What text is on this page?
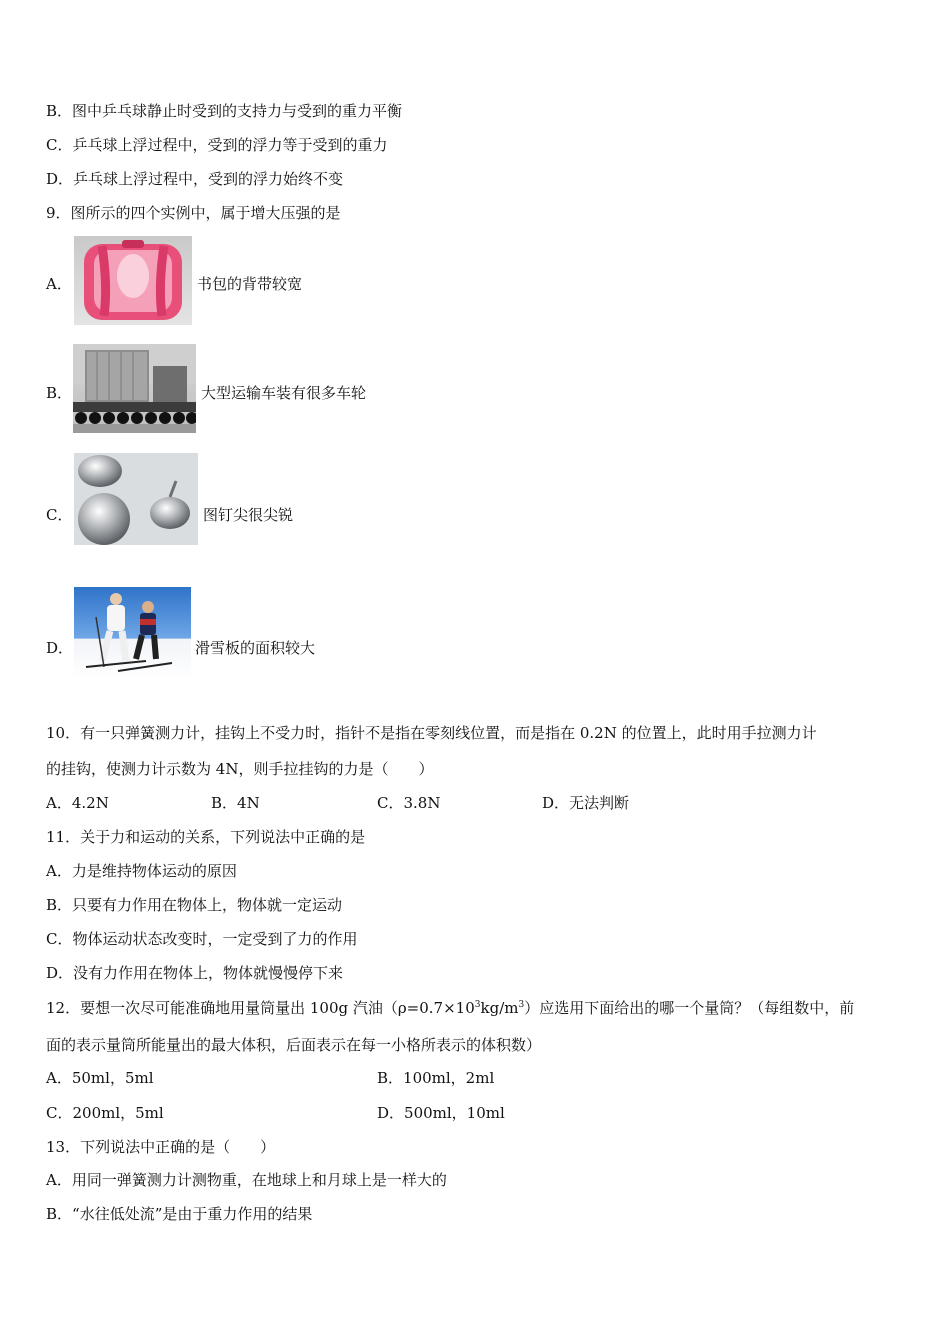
B．图中乒乓球静止时受到的支持力与受到的重力平衡
C．乒乓球上浮过程中，受到的浮力等于受到的重力
D．乒乓球上浮过程中，受到的浮力始终不变
9．图所示的四个实例中，属于增大压强的是
A．	书包的背带较宽
B．	大型运输车装有很多车轮
C．	图钉尖很尖锐
D．	滑雪板的面积较大
10．有一只弹簧测力计，挂钩上不受力时，指针不是指在零刻线位置，而是指在 0.2N 的位置上，此时用手拉测力计
的挂钩，使测力计示数为 4N，则手拉挂钩的力是（　　）
A．4.2N	B．4N	C．3.8N	D．无法判断
11．关于力和运动的关系，下列说法中正确的是
A．力是维持物体运动的原因
B．只要有力作用在物体上，物体就一定运动
C．物体运动状态改变时，一定受到了力的作用
D．没有力作用在物体上，物体就慢慢停下来
12．要想一次尽可能准确地用量筒量出 100g 汽油$(\rho=0.7\times 10^3kg/m^3)$应选用下面给出的哪一个量筒？（每组数中，前
面的表示量筒所能量出的最大体积，后面表示在每一小格所表示的体积数）
A．50ml，5ml	B．100ml，2ml
C．200ml，5ml	D．500ml，10ml
13．下列说法中正确的是（　　）
A．用同一弹簧测力计测物重，在地球上和月球上是一样大的
B．“水往低处流”是由于重力作用的结果
